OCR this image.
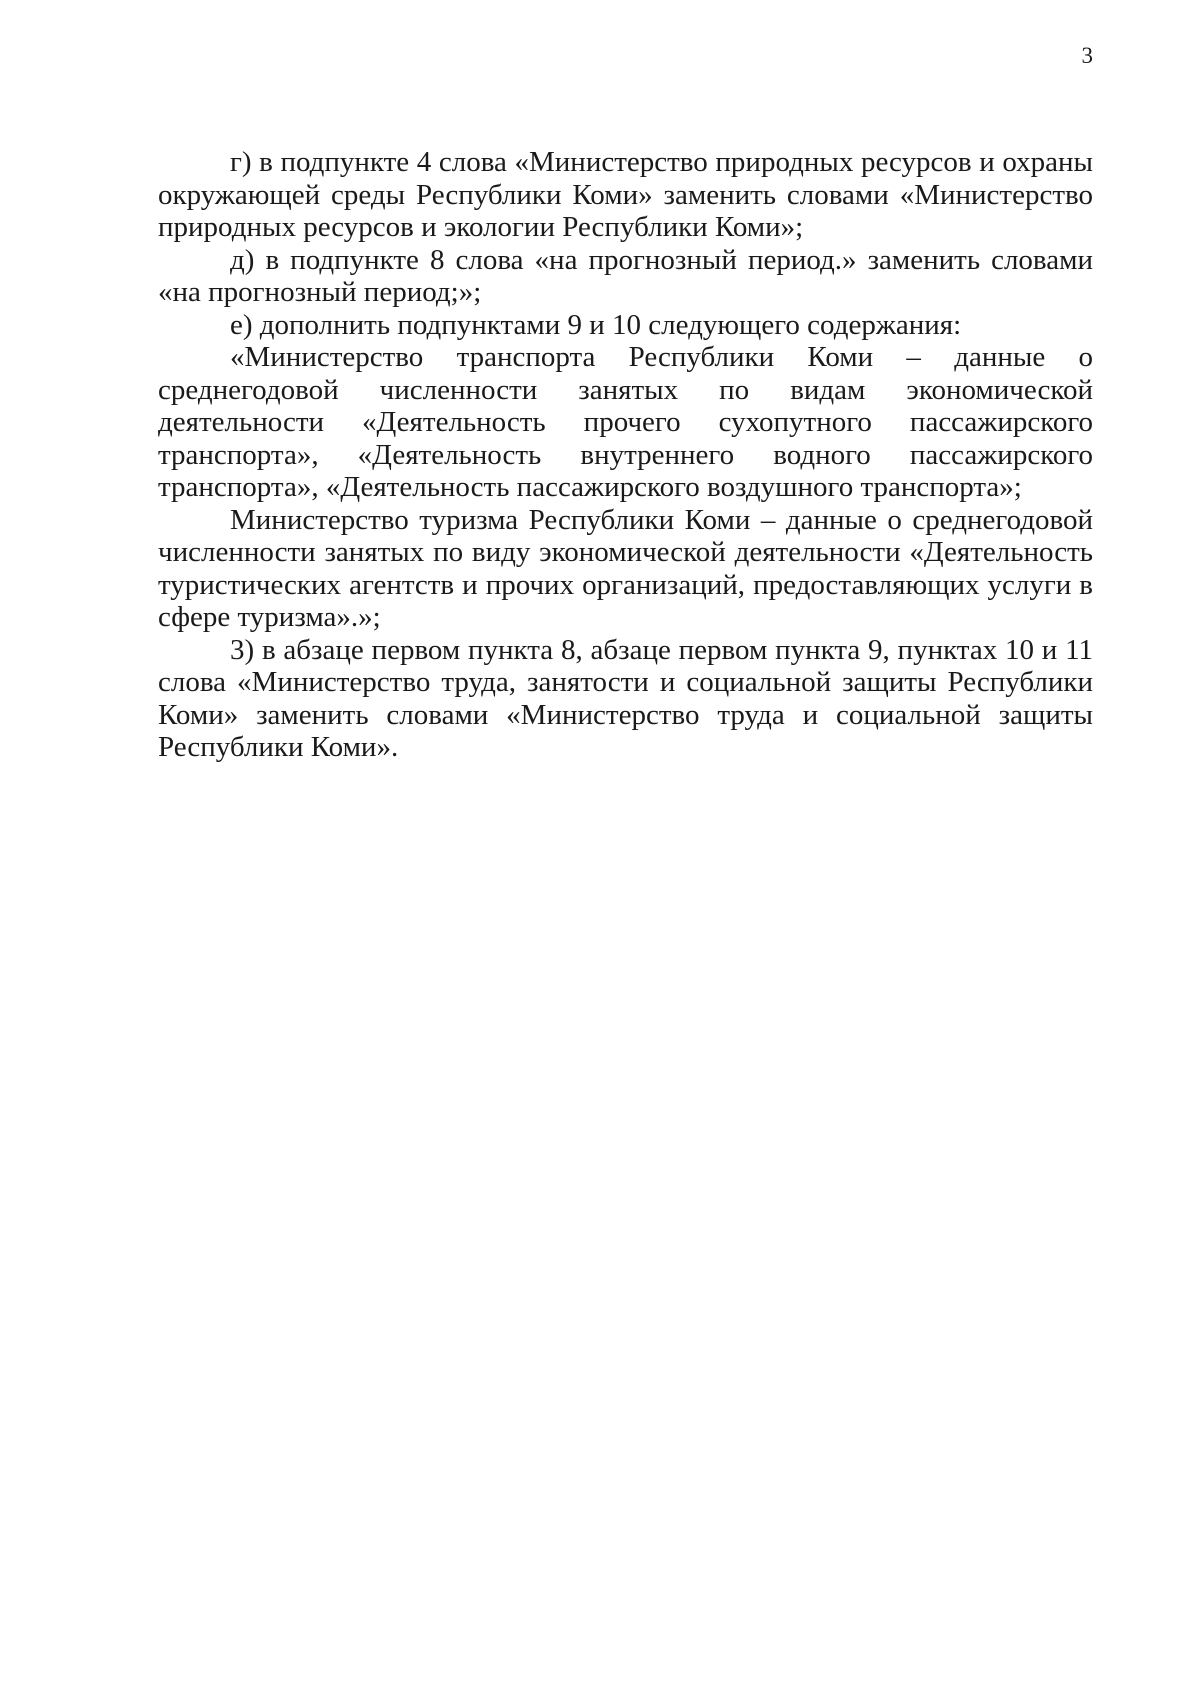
3

г) в подпункте 4 слова «Министерство природных ресурсов и охраны окружающей среды Республики Коми» заменить словами «Министерство природных ресурсов и экологии Республики Коми»;

д) в подпункте 8 слова «на прогнозный период.» заменить словами «на прогнозный период;»;

е) дополнить подпунктами 9 и 10 следующего содержания:

«Министерство транспорта Республики Коми – данные о среднегодовой численности занятых по видам экономической деятельности «Деятельность прочего сухопутного пассажирского транспорта», «Деятельность внутреннего водного пассажирского транспорта», «Деятельность пассажирского воздушного транспорта»;

Министерство туризма Республики Коми – данные о среднегодовой численности занятых по виду экономической деятельности «Деятельность туристических агентств и прочих организаций, предоставляющих услуги в сфере туризма».»;

3) в абзаце первом пункта 8, абзаце первом пункта 9, пунктах 10 и 11 слова «Министерство труда, занятости и социальной защиты Республики Коми» заменить словами «Министерство труда и социальной защиты Республики Коми».
